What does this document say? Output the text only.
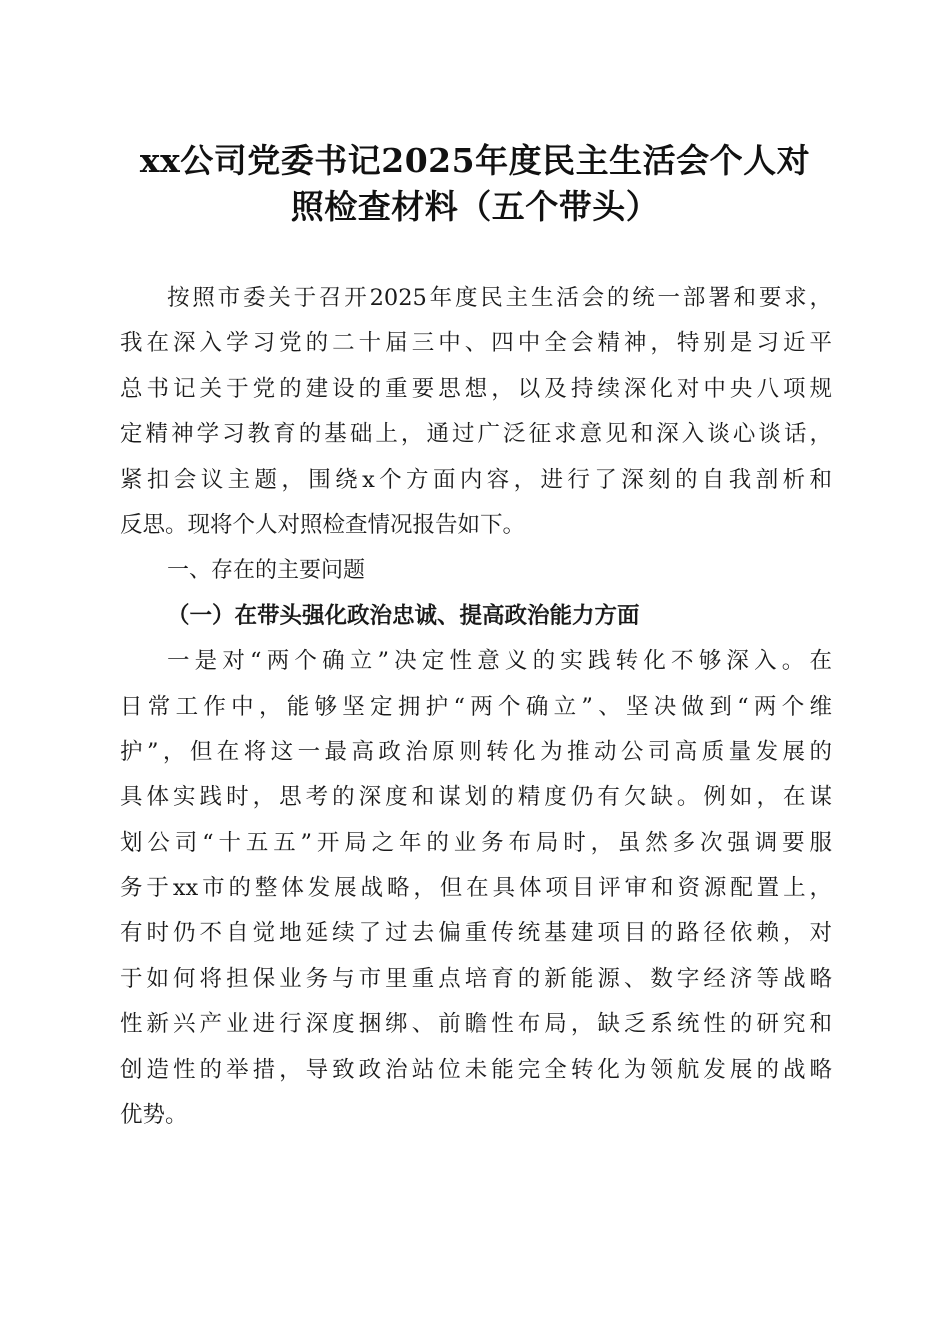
xx公司党委书记2025年度民主生活会个人对
照检查材料（五个带头）
按照市委关于召开2025年度民主生活会的统一部署和要求，
我在深入学习党的二十届三中、四中全会精神，特别是习近平
总书记关于党的建设的重要思想，以及持续深化对中央八项规
定精神学习教育的基础上，通过广泛征求意见和深入谈心谈话，
紧扣会议主题，围绕x个方面内容，进行了深刻的自我剖析和
反思。现将个人对照检查情况报告如下。
一、存在的主要问题
（一）在带头强化政治忠诚、提高政治能力方面
一是对“两个确立”决定性意义的实践转化不够深入。在
日常工作中，能够坚定拥护“两个确立”、坚决做到“两个维
护”，但在将这一最高政治原则转化为推动公司高质量发展的
具体实践时，思考的深度和谋划的精度仍有欠缺。例如，在谋
划公司“十五五”开局之年的业务布局时，虽然多次强调要服
务于xx市的整体发展战略，但在具体项目评审和资源配置上，
有时仍不自觉地延续了过去偏重传统基建项目的路径依赖，对
于如何将担保业务与市里重点培育的新能源、数字经济等战略
性新兴产业进行深度捆绑、前瞻性布局，缺乏系统性的研究和
创造性的举措，导致政治站位未能完全转化为领航发展的战略
优势。
